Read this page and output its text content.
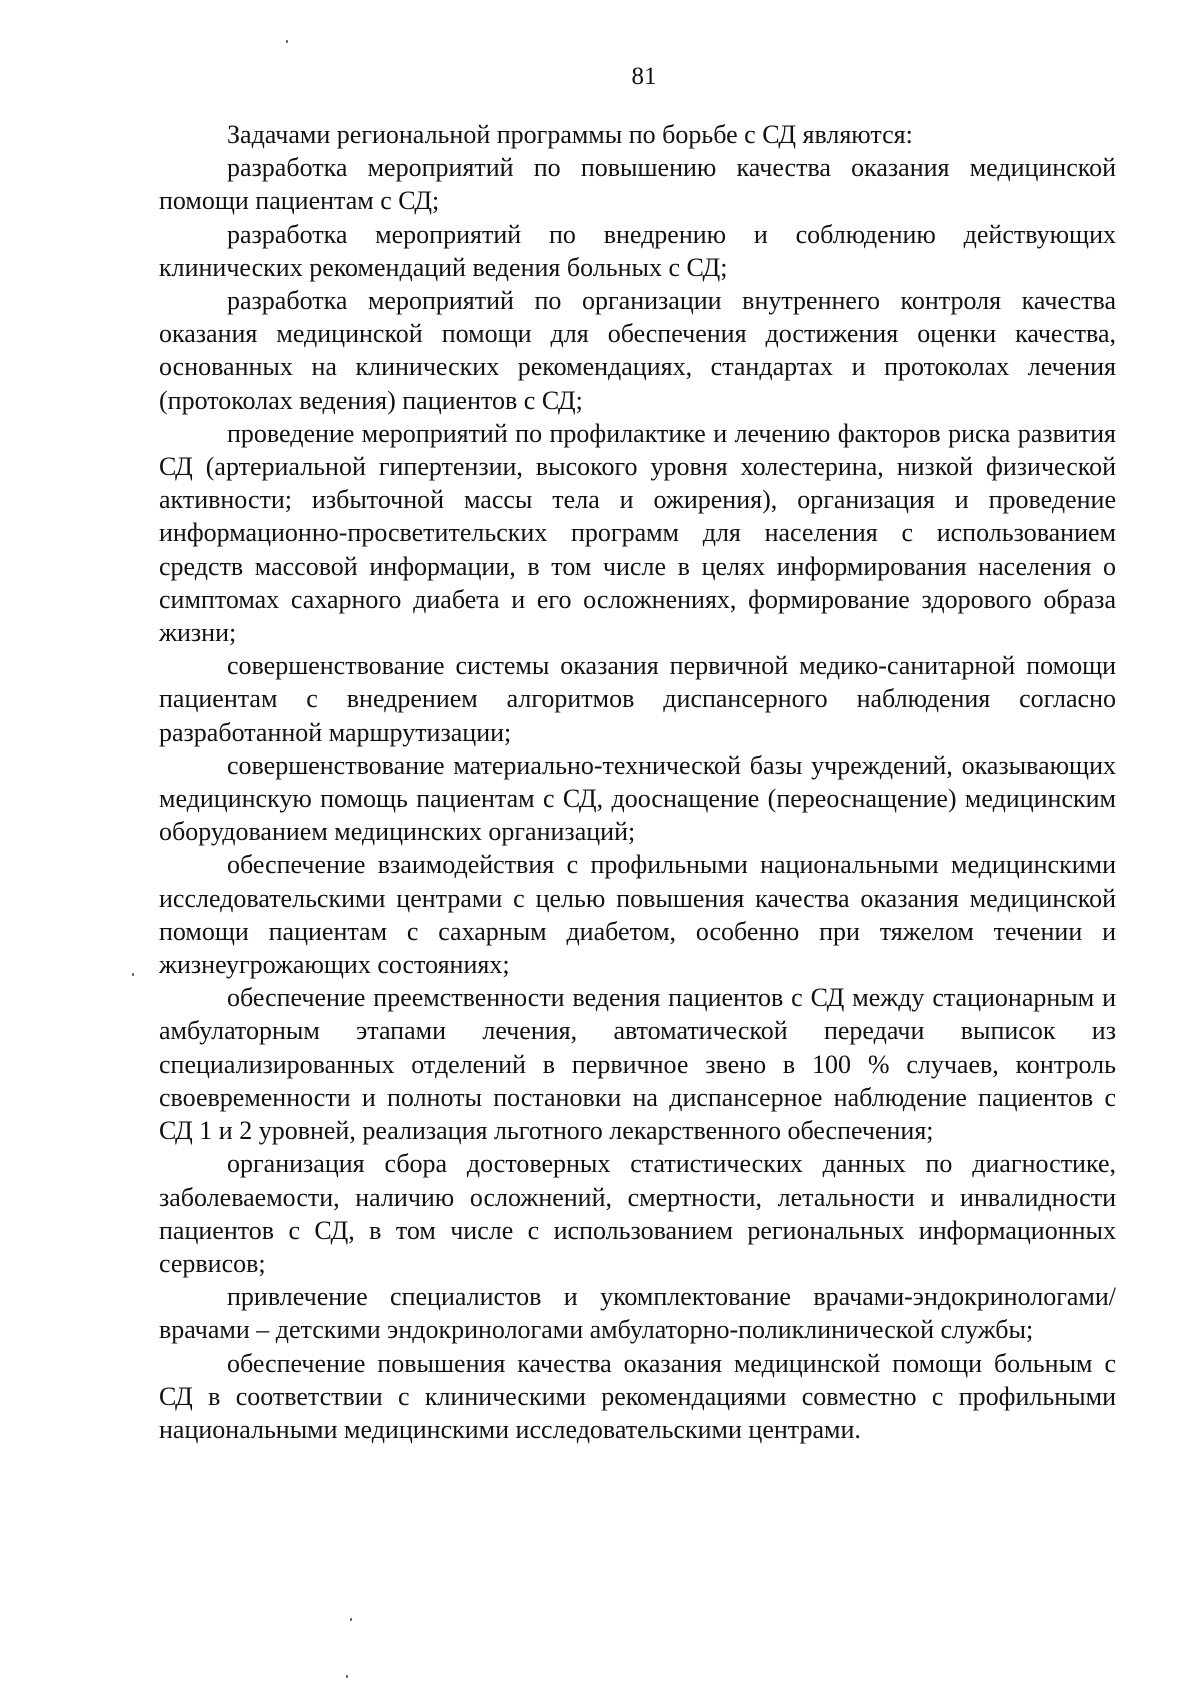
81

Задачами региональной программы по борьбе с СД являются:

разработка мероприятий по повышению качества оказания медицинской помощи пациентам с СД;

разработка мероприятий по внедрению и соблюдению действующих клинических рекомендаций ведения больных с СД;

разработка мероприятий по организации внутреннего контроля качества оказания медицинской помощи для обеспечения достижения оценки качества, основанных на клинических рекомендациях, стандартах и протоколах лечения (протоколах ведения) пациентов с СД;

проведение мероприятий по профилактике и лечению факторов риска развития СД (артериальной гипертензии, высокого уровня холестерина, низкой физической активности; избыточной массы тела и ожирения), организация и проведение информационно-просветительских программ для населения с использованием средств массовой информации, в том числе в целях информирования населения о симптомах сахарного диабета и его осложнениях, формирование здорового образа жизни;

совершенствование системы оказания первичной медико-санитарной помощи пациентам с внедрением алгоритмов диспансерного наблюдения согласно разработанной маршрутизации;

совершенствование материально-технической базы учреждений, оказывающих медицинскую помощь пациентам с СД, дооснащение (переоснащение) медицинским оборудованием медицинских организаций;

обеспечение взаимодействия с профильными национальными медицинскими исследовательскими центрами с целью повышения качества оказания медицинской помощи пациентам с сахарным диабетом, особенно при тяжелом течении и жизнеугрожающих состояниях;

обеспечение преемственности ведения пациентов с СД между стационарным и амбулаторным этапами лечения, автоматической передачи выписок из специализированных отделений в первичное звено в 100 % случаев, контроль своевременности и полноты постановки на диспансерное наблюдение пациентов с СД 1 и 2 уровней, реализация льготного лекарственного обеспечения;

организация сбора достоверных статистических данных по диагностике, заболеваемости, наличию осложнений, смертности, летальности и инвалидности пациентов с СД, в том числе с использованием региональных информационных сервисов;

привлечение специалистов и укомплектование врачами-эндокринологами/ врачами – детскими эндокринологами амбулаторно-поликлинической службы;

обеспечение повышения качества оказания медицинской помощи больным с СД в соответствии с клиническими рекомендациями совместно с профильными национальными медицинскими исследовательскими центрами.
